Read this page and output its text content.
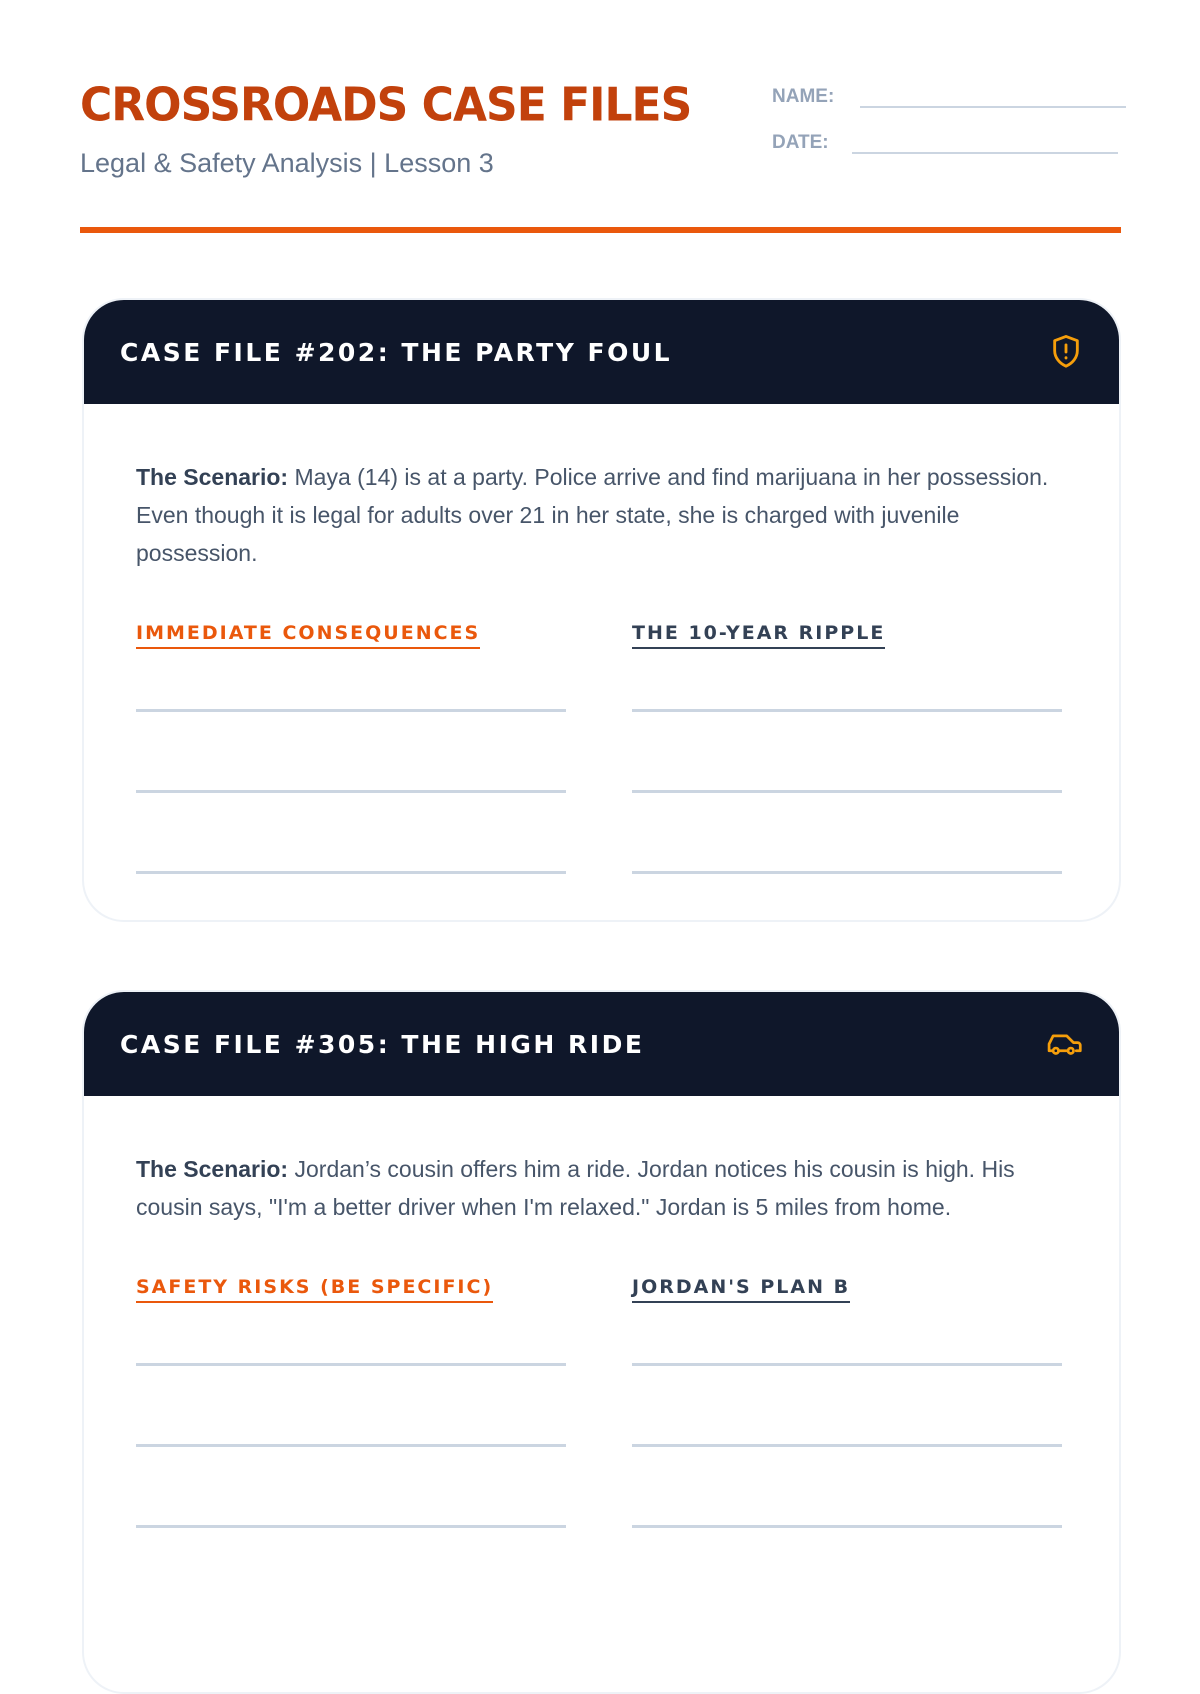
CROSSROADS CASE FILES
Legal & Safety Analysis | Lesson 3
NAME:
DATE:
CASE FILE #202: THE PARTY FOUL

The Scenario: Maya (14) is at a party. Police arrive and find marijuana in her possession. Even though it is legal for adults over 21 in her state, she is charged with juvenile possession.

IMMEDIATE CONSEQUENCES	THE 10-YEAR RIPPLE
CASE FILE #305: THE HIGH RIDE

The Scenario: Jordan’s cousin offers him a ride. Jordan notices his cousin is high. His cousin says, "I'm a better driver when I'm relaxed." Jordan is 5 miles from home.

SAFETY RISKS (BE SPECIFIC)	JORDAN'S PLAN B
